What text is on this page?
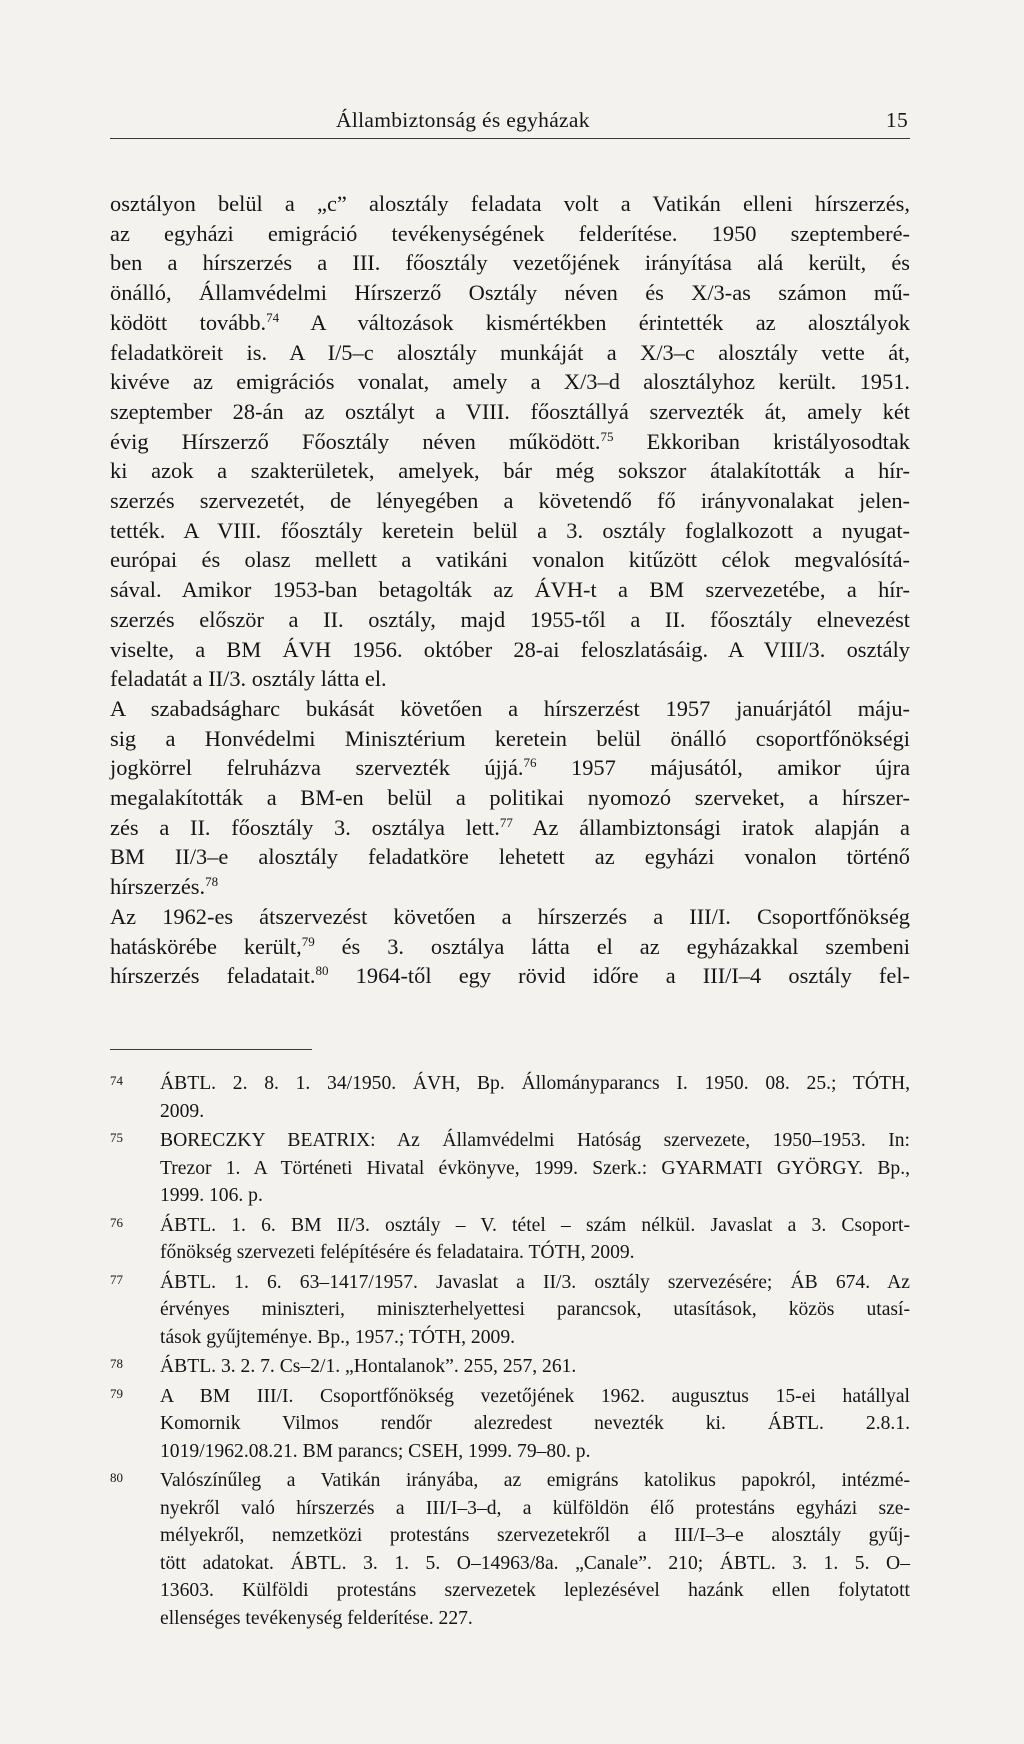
Állambiztonság és egyházak	15
osztályon belül a „c” alosztály feladata volt a Vatikán elleni hírszerzés,
az egyházi emigráció tevékenységének felderítése. 1950 szeptemberé-
ben a hírszerzés a III. főosztály vezetőjének irányítása alá került, és
önálló, Államvédelmi Hírszerző Osztály néven és X/3-as számon mű-
ködött tovább.$^{74}$ A változások kismértékben érintették az alosztályok
feladatköreit is. A I/5–c alosztály munkáját a X/3–c alosztály vette át,
kivéve az emigrációs vonalat, amely a X/3–d alosztályhoz került. 1951.
szeptember 28-án az osztályt a VIII. főosztállyá szervezték át, amely két
évig Hírszerző Főosztály néven működött.$^{75}$ Ekkoriban kristályosodtak
ki azok a szakterületek, amelyek, bár még sokszor átalakították a hír-
szerzés szervezetét, de lényegében a követendő fő irányvonalakat jelen-
tették. A VIII. főosztály keretein belül a 3. osztály foglalkozott a nyugat-
európai és olasz mellett a vatikáni vonalon kitűzött célok megvalósítá-
sával. Amikor 1953-ban betagolták az ÁVH-t a BM szervezetébe, a hír-
szerzés először a II. osztály, majd 1955-től a II. főosztály elnevezést
viselte, a BM ÁVH 1956. október 28-ai feloszlatásáig. A VIII/3. osztály
feladatát a II/3. osztály látta el.
A szabadságharc bukását követően a hírszerzést 1957 januárjától máju-
sig a Honvédelmi Minisztérium keretein belül önálló csoportfőnökségi
jogkörrel felruházva szervezték újjá.$^{76}$ 1957 májusától, amikor újra
megalakították a BM-en belül a politikai nyomozó szerveket, a hírszer-
zés a II. főosztály 3. osztálya lett.$^{77}$ Az állambiztonsági iratok alapján a
BM II/3–e alosztály feladatköre lehetett az egyházi vonalon történő
hírszerzés.$^{78}$
Az 1962-es átszervezést követően a hírszerzés a III/I. Csoportfőnökség
hatáskörébe került,$^{79}$ és 3. osztálya látta el az egyházakkal szembeni
hírszerzés feladatait.$^{80}$ 1964-től egy rövid időre a III/I–4 osztály fel-
74 ÁBTL. 2. 8. 1. 34/1950. ÁVH, Bp. Állományparancs I. 1950. 08. 25.; TÓTH,
2009.
75 BORECZKY BEATRIX: Az Államvédelmi Hatóság szervezete, 1950–1953. In:
Trezor 1. A Történeti Hivatal évkönyve, 1999. Szerk.: GYARMATI GYÖRGY. Bp.,
1999. 106. p.
76 ÁBTL. 1. 6. BM II/3. osztály – V. tétel – szám nélkül. Javaslat a 3. Csoport-
főnökség szervezeti felépítésére és feladataira. TÓTH, 2009.
77 ÁBTL. 1. 6. 63–1417/1957. Javaslat a II/3. osztály szervezésére; ÁB 674. Az
érvényes miniszteri, miniszterhelyettesi parancsok, utasítások, közös utasí-
tások gyűjteménye. Bp., 1957.; TÓTH, 2009.
78 ÁBTL. 3. 2. 7. Cs–2/1. „Hontalanok”. 255, 257, 261.
79 A BM III/I. Csoportfőnökség vezetőjének 1962. augusztus 15-ei hatállyal
Komornik Vilmos rendőr alezredest nevezték ki. ÁBTL. 2.8.1.
1019/1962.08.21. BM parancs; CSEH, 1999. 79–80. p.
80 Valószínűleg a Vatikán irányába, az emigráns katolikus papokról, intézmé-
nyekről való hírszerzés a III/I–3–d, a külföldön élő protestáns egyházi sze-
mélyekről, nemzetközi protestáns szervezetekről a III/I–3–e alosztály gyűj-
tött adatokat. ÁBTL. 3. 1. 5. O–14963/8a. „Canale”. 210; ÁBTL. 3. 1. 5. O–
13603. Külföldi protestáns szervezetek leplezésével hazánk ellen folytatott
ellenséges tevékenység felderítése. 227.
